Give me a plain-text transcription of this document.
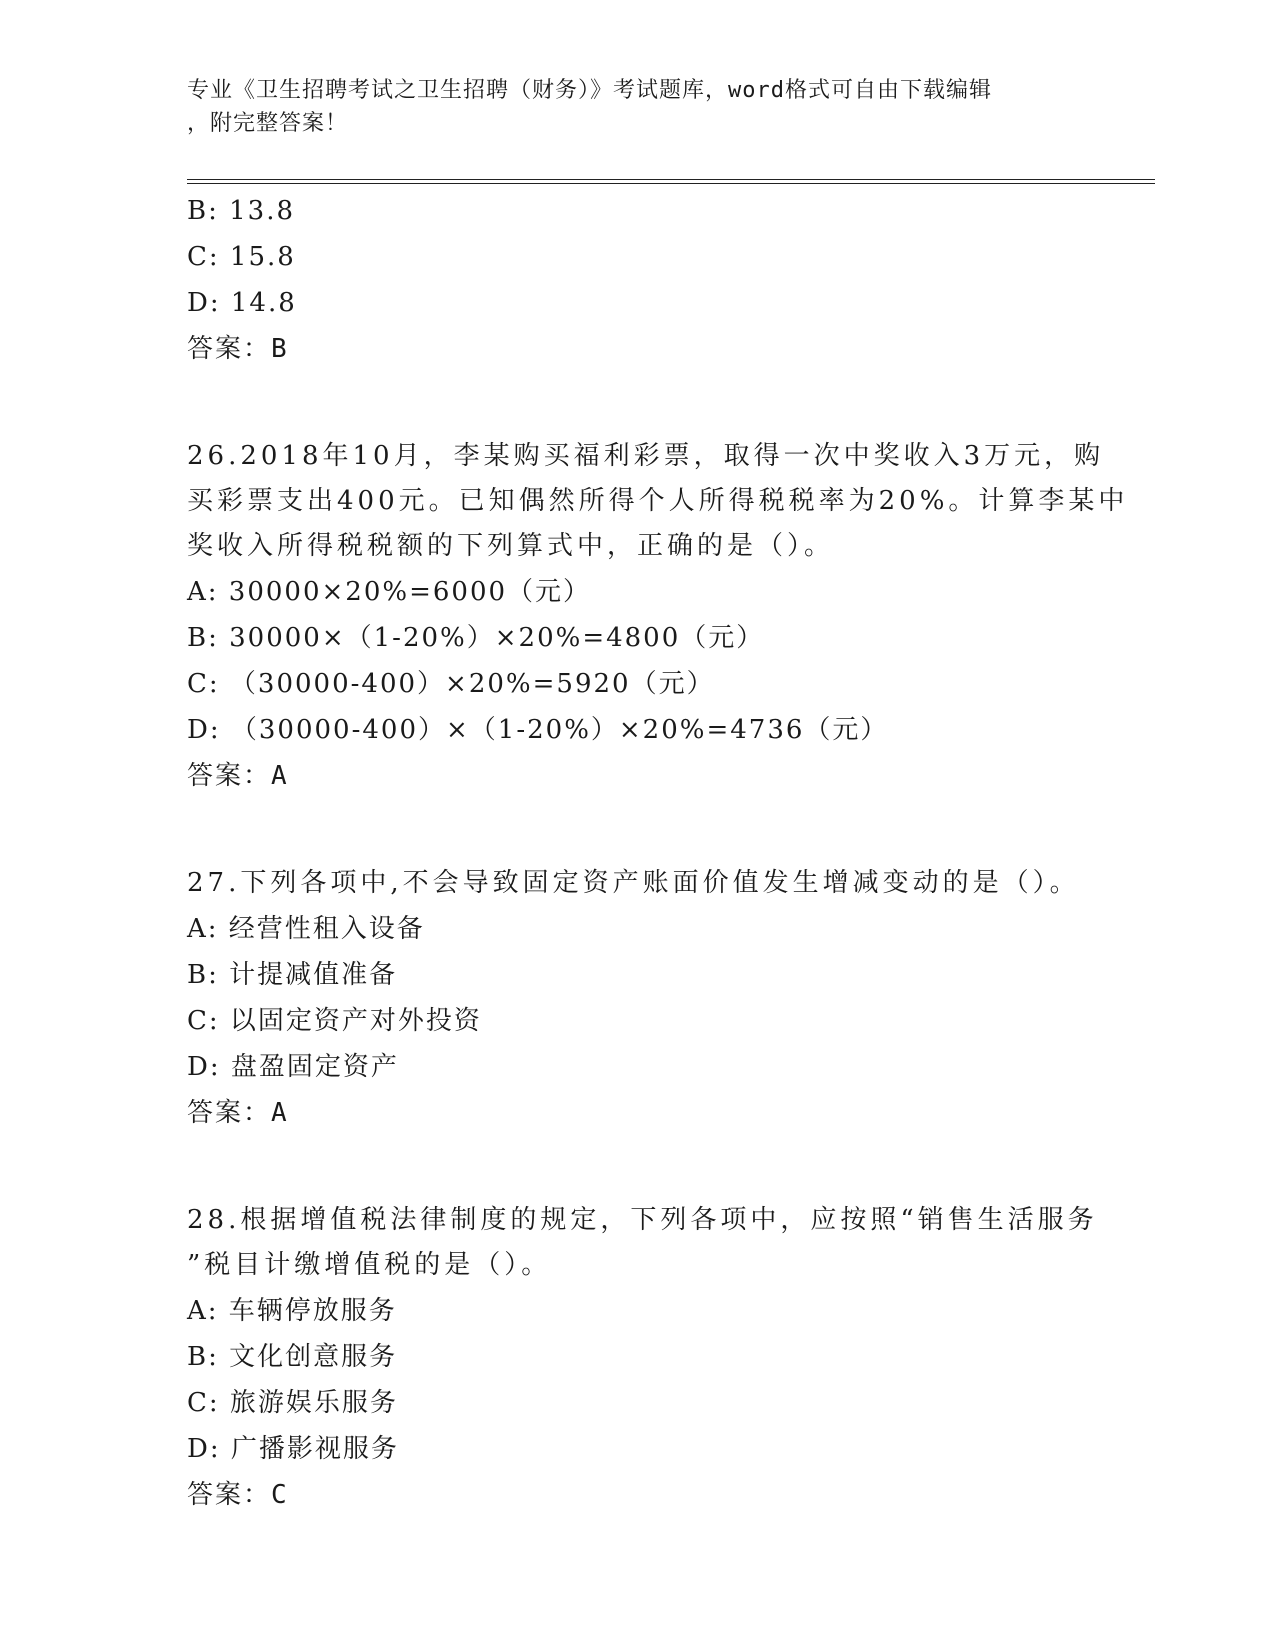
专业《卫生招聘考试之卫生招聘（财务）》考试题库，word格式可自由下载编辑
，附完整答案！
B: 13.8
C: 15.8
D: 14.8
答案：B
26.2018年10月，李某购买福利彩票，取得一次中奖收入3万元，购
买彩票支出400元。已知偶然所得个人所得税税率为20%。计算李某中
奖收入所得税税额的下列算式中，正确的是（）。
A: 30000×20%=6000（元）
B: 30000×（1-20%）×20%=4800（元）
C: （30000-400）×20%=5920（元）
D: （30000-400）×（1-20%）×20%=4736（元）
答案：A
27.下列各项中,不会导致固定资产账面价值发生增减变动的是（）。
A: 经营性租入设备
B: 计提减值准备
C: 以固定资产对外投资
D: 盘盈固定资产
答案：A
28.根据增值税法律制度的规定，下列各项中，应按照“销售生活服务
”税目计缴增值税的是（）。
A: 车辆停放服务
B: 文化创意服务
C: 旅游娱乐服务
D: 广播影视服务
答案：C
